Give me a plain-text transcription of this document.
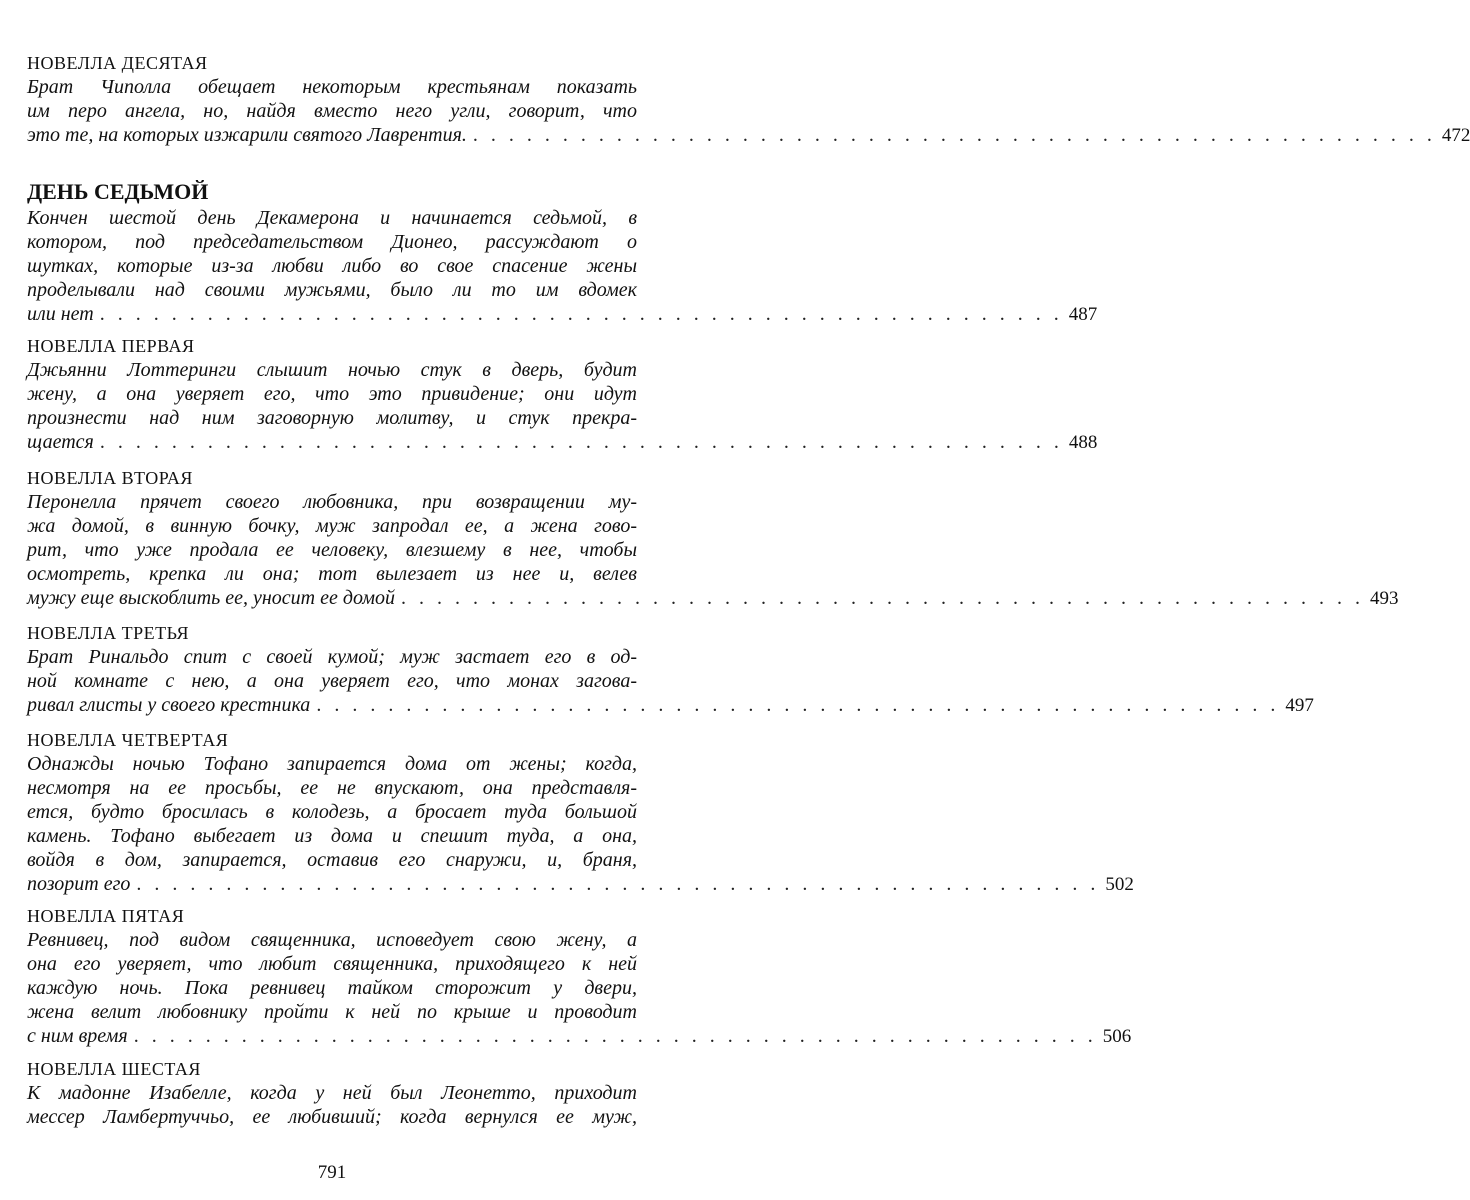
НОВЕЛЛА ДЕСЯТАЯ
Брат Чиполла обещает некоторым крестьянам показать
им перо ангела, но, найдя вместо него угли, говорит, что
это те, на которых изжарили святого Лаврентия. . . . . . . . . . . . . . . . . . . . . . . . . . . . . . . . . . . . . . . . . . . . . . . . . . . . . . . 472
ДЕНЬ СЕДЬМОЙ
Кончен шестой день Декамерона и начинается седьмой, в
котором, под председательством Дионео, рассуждают о
шутках, которые из-за любви либо во свое спасение жены
проделывали над своими мужьями, было ли то им вдомек
или нет . . . . . . . . . . . . . . . . . . . . . . . . . . . . . . . . . . . . . . . . . . . . . . . . . . . . . . 487
НОВЕЛЛА ПЕРВАЯ
Джьянни Лоттеринги слышит ночью стук в дверь, будит
жену, а она уверяет его, что это привидение; они идут
произнести над ним заговорную молитву, и стук прекра-
щается . . . . . . . . . . . . . . . . . . . . . . . . . . . . . . . . . . . . . . . . . . . . . . . . . . . . . . 488
НОВЕЛЛА ВТОРАЯ
Перонелла прячет своего любовника, при возвращении му-
жа домой, в винную бочку, муж запродал ее, а жена гово-
рит, что уже продала ее человеку, влезшему в нее, чтобы
осмотреть, крепка ли она; тот вылезает из нее и, велев
мужу еще выскоблить ее, уносит ее домой . . . . . . . . . . . . . . . . . . . . . . . . . . . . . . . . . . . . . . . . . . . . . . . . . . . . . . 493
НОВЕЛЛА ТРЕТЬЯ
Брат Ринальдо спит с своей кумой; муж застает его в од-
ной комнате с нею, а она уверяет его, что монах загова-
ривал глисты у своего крестника . . . . . . . . . . . . . . . . . . . . . . . . . . . . . . . . . . . . . . . . . . . . . . . . . . . . . . 497
НОВЕЛЛА ЧЕТВЕРТАЯ
Однажды ночью Тофано запирается дома от жены; когда,
несмотря на ее просьбы, ее не впускают, она представля-
ется, будто бросилась в колодезь, а бросает туда большой
камень. Тофано выбегает из дома и спешит туда, а она,
войдя в дом, запирается, оставив его снаружи, и, браня,
позорит его . . . . . . . . . . . . . . . . . . . . . . . . . . . . . . . . . . . . . . . . . . . . . . . . . . . . . . 502
НОВЕЛЛА ПЯТАЯ
Ревнивец, под видом священника, исповедует свою жену, а
она его уверяет, что любит священника, приходящего к ней
каждую ночь. Пока ревнивец тайком сторожит у двери,
жена велит любовнику пройти к ней по крыше и проводит
с ним время . . . . . . . . . . . . . . . . . . . . . . . . . . . . . . . . . . . . . . . . . . . . . . . . . . . . . . 506
НОВЕЛЛА ШЕСТАЯ
К мадонне Изабелле, когда у ней был Леонетто, приходит
мессер Ламбертуччьо, ее любивший; когда вернулся ее муж,
791
